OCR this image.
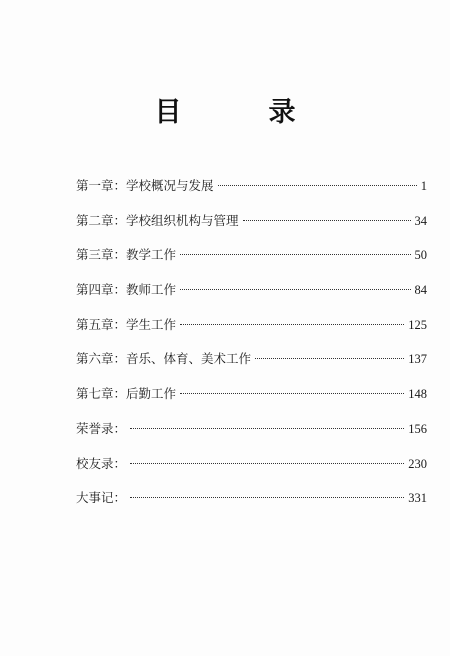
目　录
第一章：学校概况与发展	1
第二章：学校组织机构与管理	34
第三章：教学工作	50
第四章：教师工作	84
第五章：学生工作	125
第六章：音乐、体育、美术工作	137
第七章：后勤工作	148
荣誉录：	156
校友录：	230
大事记：	331
